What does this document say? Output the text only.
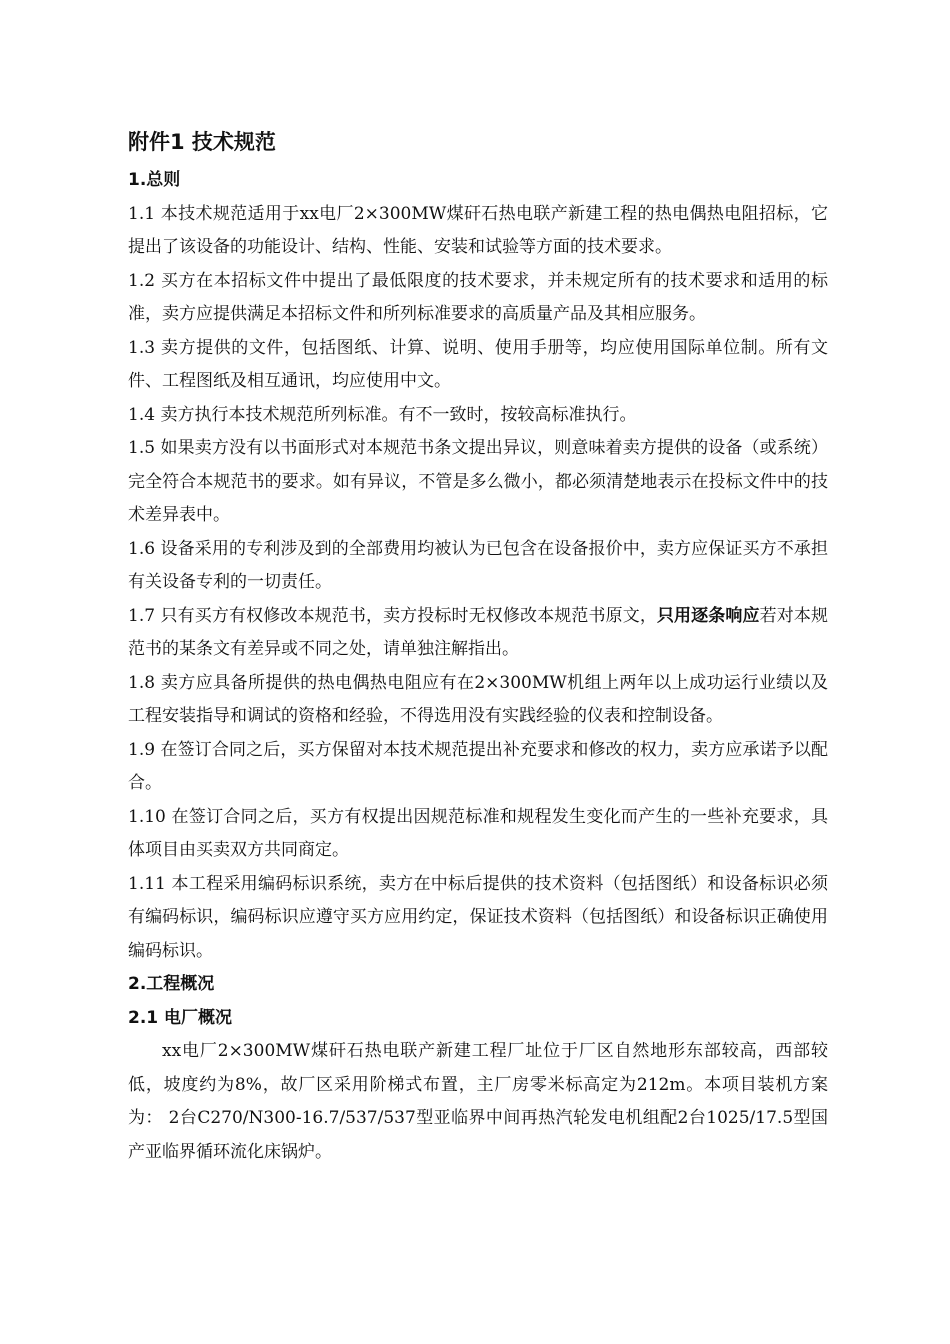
附件1 技术规范
1.总则
1.1 本技术规范适用于xx电厂2×300MW煤矸石热电联产新建工程的热电偶热电阻招标，它提出了该设备的功能设计、结构、性能、安装和试验等方面的技术要求。
1.2 买方在本招标文件中提出了最低限度的技术要求，并未规定所有的技术要求和适用的标准，卖方应提供满足本招标文件和所列标准要求的高质量产品及其相应服务。
1.3 卖方提供的文件，包括图纸、计算、说明、使用手册等，均应使用国际单位制。所有文件、工程图纸及相互通讯，均应使用中文。
1.4 卖方执行本技术规范所列标准。有不一致时，按较高标准执行。
1.5 如果卖方没有以书面形式对本规范书条文提出异议，则意味着卖方提供的设备（或系统）完全符合本规范书的要求。如有异议，不管是多么微小，都必须清楚地表示在投标文件中的技术差异表中。
1.6 设备采用的专利涉及到的全部费用均被认为已包含在设备报价中，卖方应保证买方不承担有关设备专利的一切责任。
1.7 只有买方有权修改本规范书，卖方投标时无权修改本规范书原文，只用逐条响应若对本规范书的某条文有差异或不同之处，请单独注解指出。
1.8 卖方应具备所提供的热电偶热电阻应有在2×300MW机组上两年以上成功运行业绩以及工程安装指导和调试的资格和经验，不得选用没有实践经验的仪表和控制设备。
1.9 在签订合同之后，买方保留对本技术规范提出补充要求和修改的权力，卖方应承诺予以配合。
1.10 在签订合同之后，买方有权提出因规范标准和规程发生变化而产生的一些补充要求，具体项目由买卖双方共同商定。
1.11 本工程采用编码标识系统，卖方在中标后提供的技术资料（包括图纸）和设备标识必须有编码标识，编码标识应遵守买方应用约定，保证技术资料（包括图纸）和设备标识正确使用编码标识。
2.工程概况
2.1 电厂概况
xx电厂2×300MW煤矸石热电联产新建工程厂址位于厂区自然地形东部较高，西部较低，坡度约为8%，故厂区采用阶梯式布置，主厂房零米标高定为212m。本项目装机方案为： 2台C270/N300-16.7/537/537型亚临界中间再热汽轮发电机组配2台1025/17.5型国产亚临界循环流化床锅炉。
